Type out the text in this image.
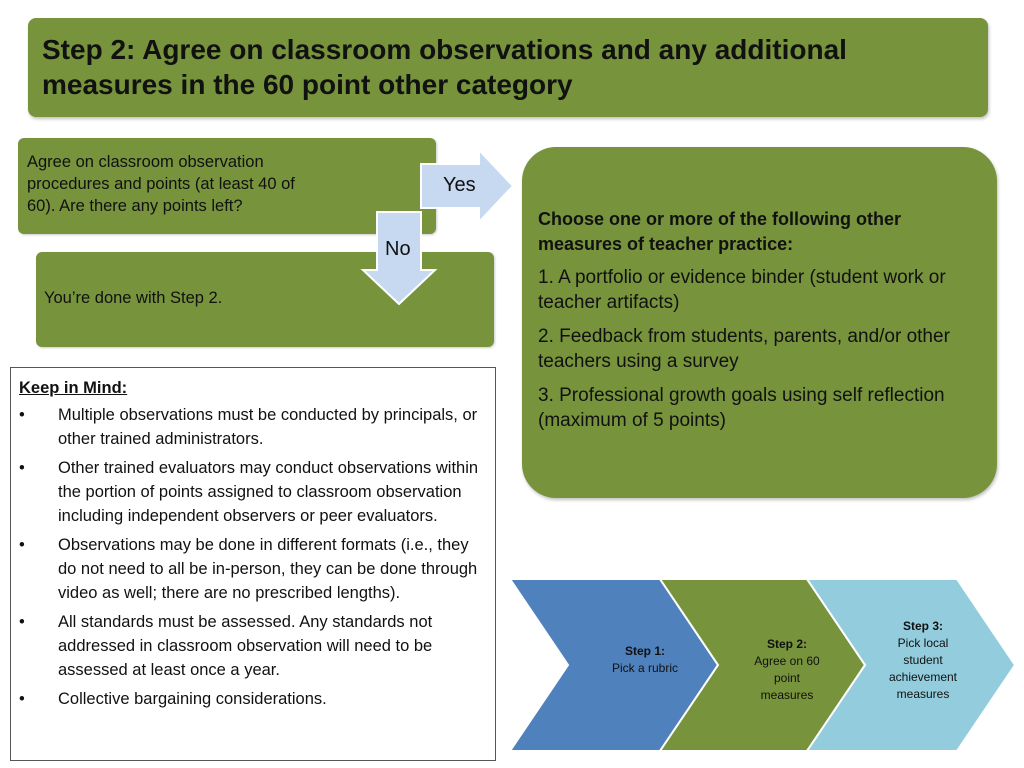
Step 2: Agree on classroom observations and any additional measures in the 60 point other category
Agree on classroom observation procedures and points (at least 40 of 60). Are there any points left?
You’re done with Step 2.
Yes
No

Choose one or more of the following other measures of teacher practice:

1. A portfolio or evidence binder (student work or teacher artifacts)

2. Feedback from students, parents, and/or other teachers using a survey

3. Professional growth goals using self reflection (maximum of 5 points)

Keep in Mind:

• Multiple observations must be conducted by principals, or other trained administrators.
• Other trained evaluators may conduct observations within the portion of points assigned to classroom observation including independent observers or peer evaluators.
• Observations may be done in different formats (i.e., they do not need to all be in-person, they can be done through video as well; there are no prescribed lengths).
• All standards must be assessed. Any standards not addressed in classroom observation will need to be assessed at least once a year.
• Collective bargaining considerations.
Step 1:
Pick a rubric
Step 2:
Agree on 60 point measures
Step 3:
Pick local student achievement measures
